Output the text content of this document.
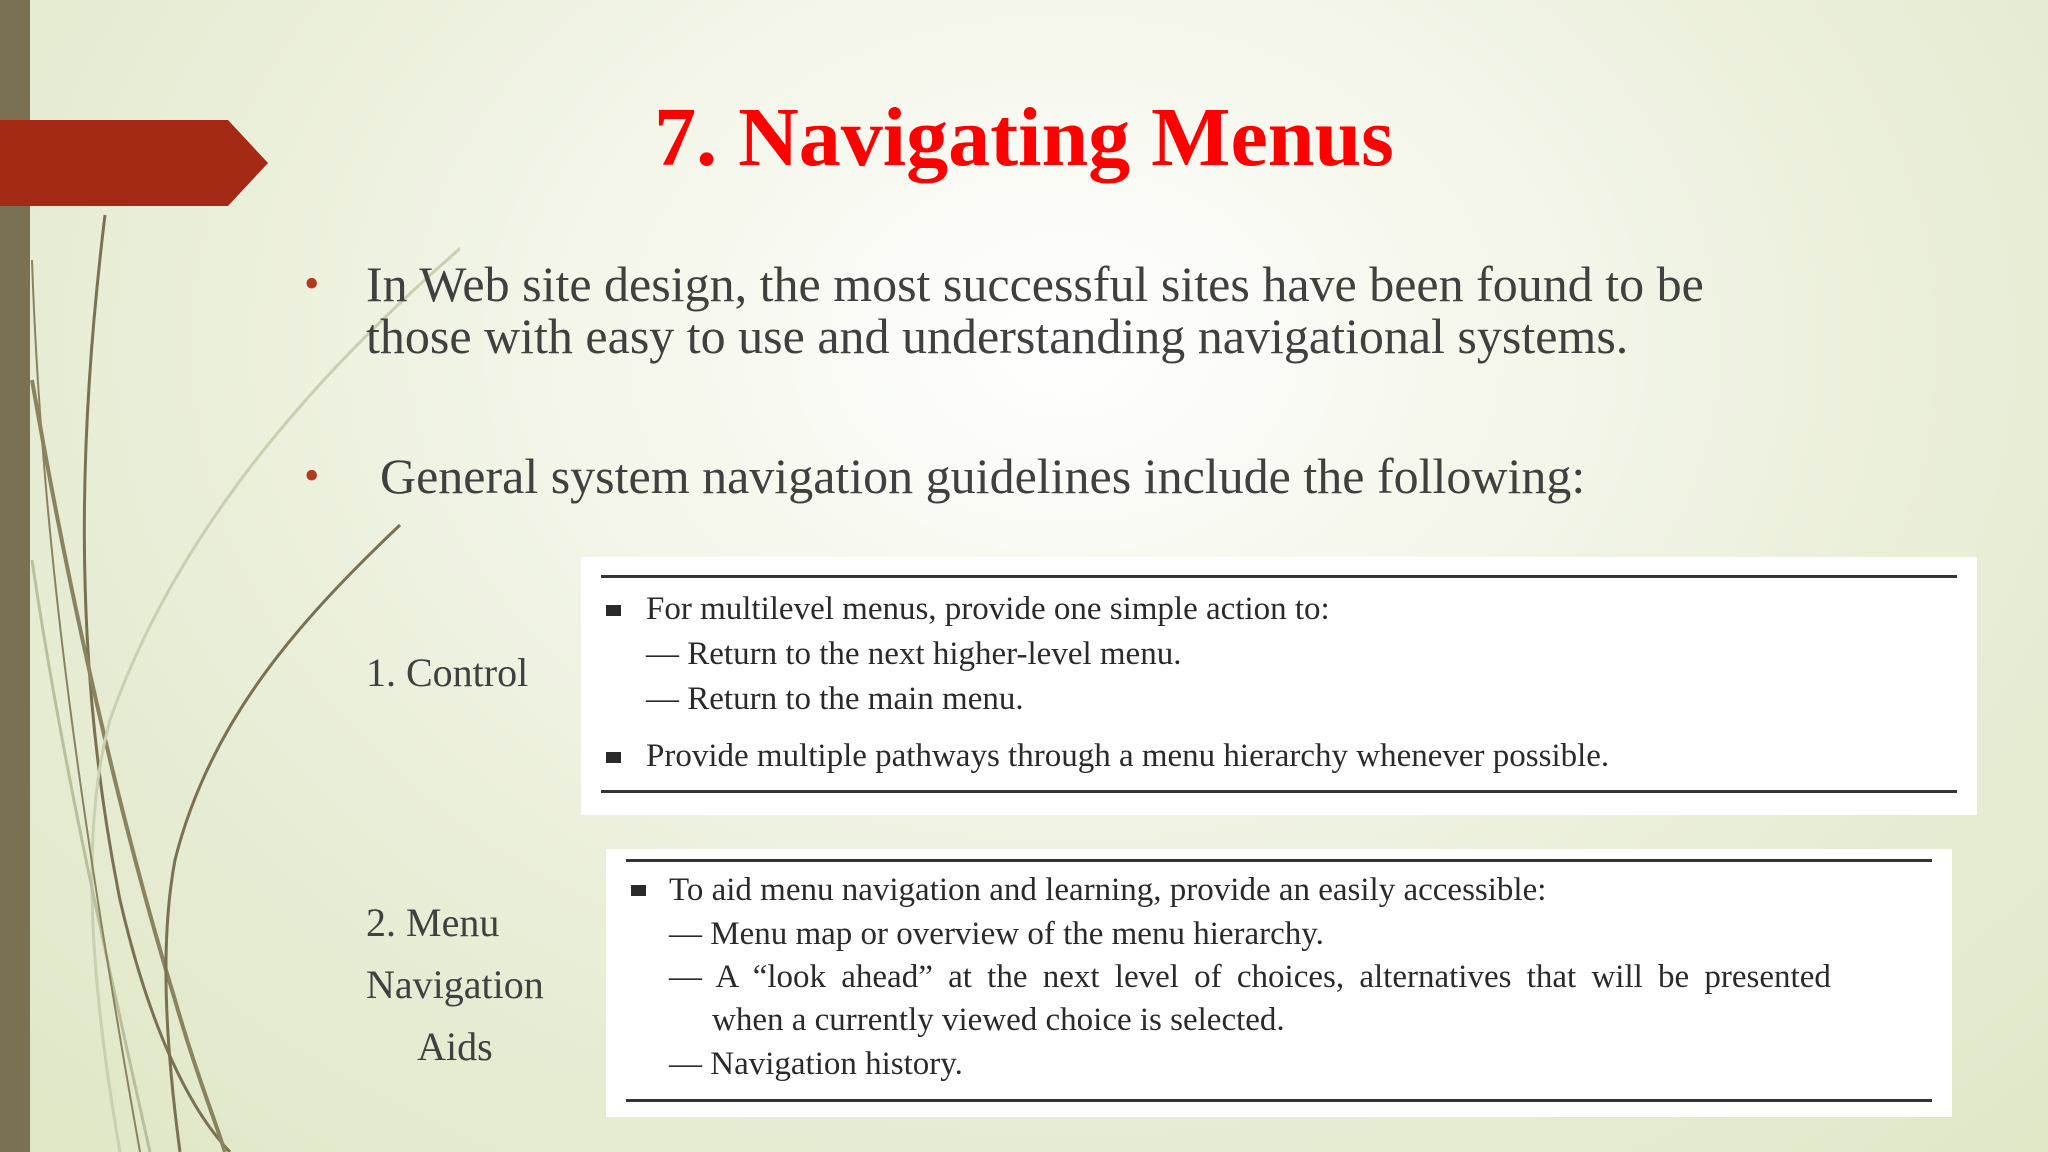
7. Navigating Menus
• In Web site design, the most successful sites have been found to be
those with easy to use and understanding navigational systems.
• General system navigation guidelines include the following:
1. Control
2. Menu
Navigation
Aids
For multilevel menus, provide one simple action to:
— Return to the next higher-level menu.
— Return to the main menu.
Provide multiple pathways through a menu hierarchy whenever possible.
To aid menu navigation and learning, provide an easily accessible:
— Menu map or overview of the menu hierarchy.
— A “look ahead” at the next level of choices, alternatives that will be presented
when a currently viewed choice is selected.
— Navigation history.
